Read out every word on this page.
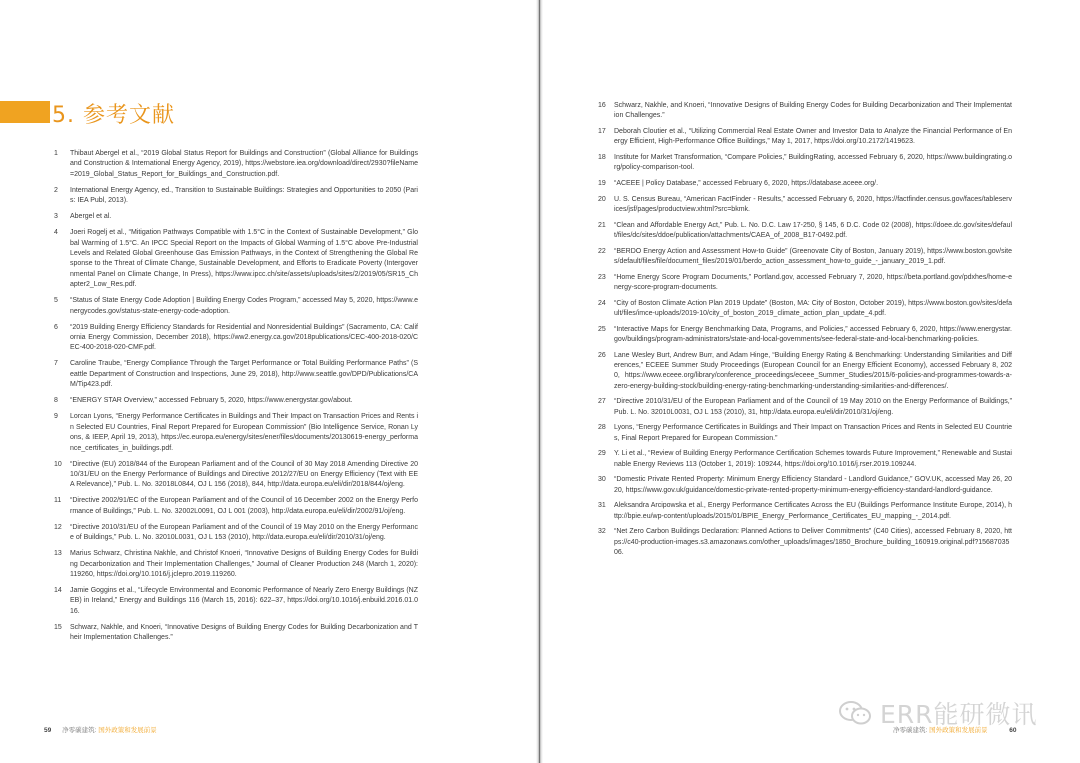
5. 参考文献
1	Thibaut Abergel et al., “2019 Global Status Report for Buildings and Construction” (Global Alliance for Buildings and Construction & International Energy Agency, 2019), https://webstore.iea.org/download/direct/2930?fileName=2019_Global_Status_Report_for_Buildings_and_Construction.pdf.
2	International Energy Agency, ed., Transition to Sustainable Buildings: Strategies and Opportunities to 2050 (Paris: IEA Publ, 2013).
3	Abergel et al.
4	Joeri Rogelj et al., “Mitigation Pathways Compatible with 1.5°C in the Context of Sustainable Development,” Global Warming of 1.5°C. An IPCC Special Report on the Impacts of Global Warming of 1.5°C above Pre-Industrial Levels and Related Global Greenhouse Gas Emission Pathways, in the Context of Strengthening the Global Response to the Threat of Climate Change, Sustainable Development, and Efforts to Eradicate Poverty (Intergovernmental Panel on Climate Change, In Press), https://www.ipcc.ch/site/assets/uploads/sites/2/2019/05/SR15_Chapter2_Low_Res.pdf.
5	“Status of State Energy Code Adoption | Building Energy Codes Program,” accessed May 5, 2020, https://www.energycodes.gov/status-state-energy-code-adoption.
6	“2019 Building Energy Efficiency Standards for Residential and Nonresidential Buildings” (Sacramento, CA: California Energy Commission, December 2018), https://ww2.energy.ca.gov/2018publications/CEC-400-2018-020/CEC-400-2018-020-CMF.pdf.
7	Caroline Traube, “Energy Compliance Through the Target Performance or Total Building Performance Paths” (Seattle Department of Construction and Inspections, June 29, 2018), http://www.seattle.gov/DPD/Publications/CAM/Tip423.pdf.
8	“ENERGY STAR Overview,” accessed February 5, 2020, https://www.energystar.gov/about.
9	Lorcan Lyons, “Energy Performance Certificates in Buildings and Their Impact on Transaction Prices and Rents in Selected EU Countries, Final Report Prepared for European Commission” (Bio Intelligence Service, Ronan Lyons, & IEEP, April 19, 2013), https://ec.europa.eu/energy/sites/ener/files/documents/20130619-energy_performance_certificates_in_buildings.pdf.
10	“Directive (EU) 2018/844 of the European Parliament and of the Council of 30 May 2018 Amending Directive 2010/31/EU on the Energy Performance of Buildings and Directive 2012/27/EU on Energy Efficiency (Text with EEA Relevance),” Pub. L. No. 32018L0844, OJ L 156 (2018), 844, http://data.europa.eu/eli/dir/2018/844/oj/eng.
11	“Directive 2002/91/EC of the European Parliament and of the Council of 16 December 2002 on the Energy Performance of Buildings,” Pub. L. No. 32002L0091, OJ L 001 (2003), http://data.europa.eu/eli/dir/2002/91/oj/eng.
12	“Directive 2010/31/EU of the European Parliament and of the Council of 19 May 2010 on the Energy Performance of Buildings,” Pub. L. No. 32010L0031, OJ L 153 (2010), http://data.europa.eu/eli/dir/2010/31/oj/eng.
13	Marius Schwarz, Christina Nakhle, and Christof Knoeri, “Innovative Designs of Building Energy Codes for Building Decarbonization and Their Implementation Challenges,” Journal of Cleaner Production 248 (March 1, 2020): 119260, https://doi.org/10.1016/j.jclepro.2019.119260.
14	Jamie Goggins et al., “Lifecycle Environmental and Economic Performance of Nearly Zero Energy Buildings (NZEB) in Ireland,” Energy and Buildings 116 (March 15, 2016): 622–37, https://doi.org/10.1016/j.enbuild.2016.01.016.
15	Schwarz, Nakhle, and Knoeri, “Innovative Designs of Building Energy Codes for Building Decarbonization and Their Implementation Challenges.”
59 净零碳建筑: 国外政策和发展前景
16	Schwarz, Nakhle, and Knoeri, “Innovative Designs of Building Energy Codes for Building Decarbonization and Their Implementation Challenges.”
17	Deborah Cloutier et al., “Utilizing Commercial Real Estate Owner and Investor Data to Analyze the Financial Performance of Energy Efficient, High-Performance Office Buildings,” May 1, 2017, https://doi.org/10.2172/1419623.
18	Institute for Market Transformation, “Compare Policies,” BuildingRating, accessed February 6, 2020, https://www.buildingrating.org/policy-comparison-tool.
19	“ACEEE | Policy Database,” accessed February 6, 2020, https://database.aceee.org/.
20	U. S. Census Bureau, “American FactFinder - Results,” accessed February 6, 2020, https://factfinder.census.gov/faces/tableservices/jsf/pages/productview.xhtml?src=bkmk.
21	“Clean and Affordable Energy Act,” Pub. L. No. D.C. Law 17-250, § 145, 6 D.C. Code 02 (2008), https://doee.dc.gov/sites/default/files/dc/sites/ddoe/publication/attachments/CAEA_of_2008_B17-0492.pdf.
22	“BERDO Energy Action and Assessment How-to Guide” (Greenovate City of Boston, January 2019), https://www.boston.gov/sites/default/files/file/document_files/2019/01/berdo_action_assessment_how-to_guide_-_january_2019_1.pdf.
23	“Home Energy Score Program Documents,” Portland.gov, accessed February 7, 2020, https://beta.portland.gov/pdxhes/home-energy-score-program-documents.
24	“City of Boston Climate Action Plan 2019 Update” (Boston, MA: City of Boston, October 2019), https://www.boston.gov/sites/default/files/imce-uploads/2019-10/city_of_boston_2019_climate_action_plan_update_4.pdf.
25	“Interactive Maps for Energy Benchmarking Data, Programs, and Policies,” accessed February 6, 2020, https://www.energystar.gov/buildings/program-administrators/state-and-local-governments/see-federal-state-and-local-benchmarking-policies.
26	Lane Wesley Burt, Andrew Burr, and Adam Hinge, “Building Energy Rating & Benchmarking: Understanding Similarities and Differences,” ECEEE Summer Study Proceedings (European Council for an Energy Efficient Economy), accessed February 8, 2020, https://www.eceee.org/library/conference_proceedings/eceee_Summer_Studies/2015/6-policies-and-programmes-towards-a-zero-energy-building-stock/building-energy-rating-benchmarking-understanding-similarities-and-differences/.
27	“Directive 2010/31/EU of the European Parliament and of the Council of 19 May 2010 on the Energy Performance of Buildings,” Pub. L. No. 32010L0031, OJ L 153 (2010), 31, http://data.europa.eu/eli/dir/2010/31/oj/eng.
28	Lyons, “Energy Performance Certificates in Buildings and Their Impact on Transaction Prices and Rents in Selected EU Countries, Final Report Prepared for European Commission.”
29	Y. Li et al., “Review of Building Energy Performance Certification Schemes towards Future Improvement,” Renewable and Sustainable Energy Reviews 113 (October 1, 2019): 109244, https://doi.org/10.1016/j.rser.2019.109244.
30	“Domestic Private Rented Property: Minimum Energy Efficiency Standard - Landlord Guidance,” GOV.UK, accessed May 26, 2020, https://www.gov.uk/guidance/domestic-private-rented-property-minimum-energy-efficiency-standard-landlord-guidance.
31	Aleksandra Arcipowska et al., Energy Performance Certificates Across the EU (Buildings Performance Institute Europe, 2014), http://bpie.eu/wp-content/uploads/2015/01/BPIE_Energy_Performance_Certificates_EU_mapping_-_2014.pdf.
32	“Net Zero Carbon Buildings Declaration: Planned Actions to Deliver Commitments” (C40 Cities), accessed February 8, 2020, https://c40-production-images.s3.amazonaws.com/other_uploads/images/1850_Brochure_building_160919.original.pdf?1568703506.
净零碳建筑: 国外政策和发展前景	60
ERR能研微讯
